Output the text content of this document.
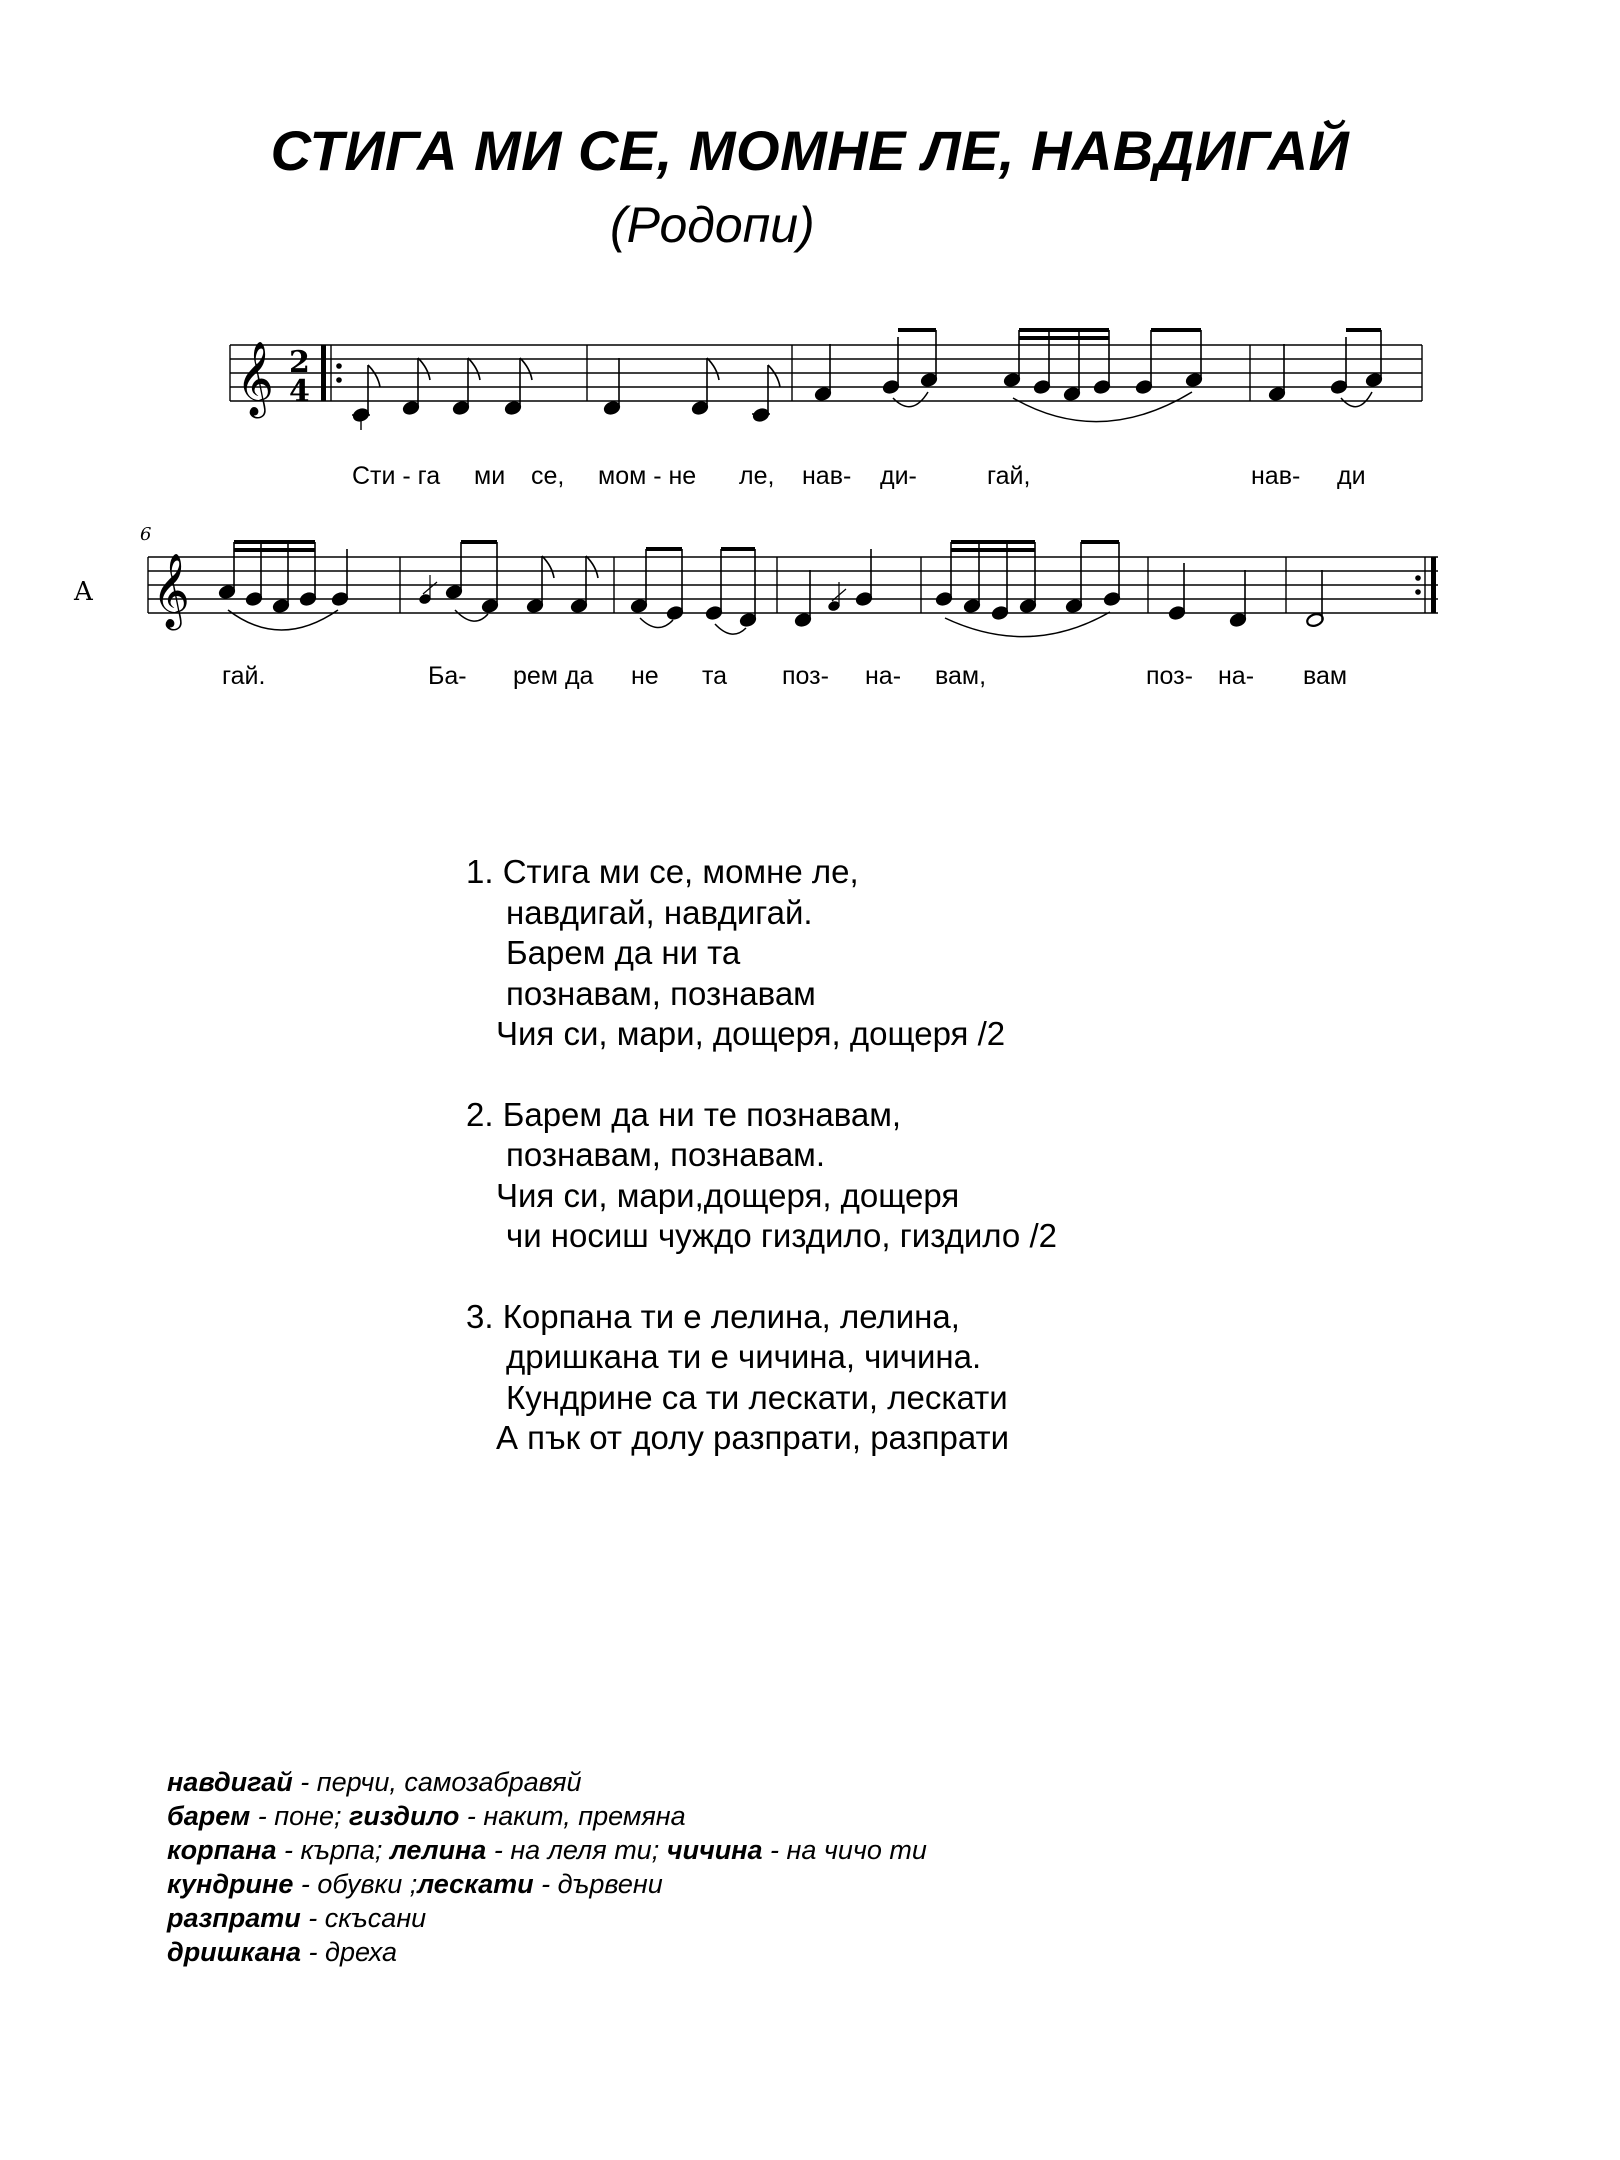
СТИГА МИ СЕ, МОМНЕ ЛЕ, НАВДИГАЙ
(Родопи)
𝄞
𝄞
2
4
6
A
Сти - га ми се, мом - не ле, нав- ди-	гай,	нав- ди
гай.	Ба- рем да не та поз- на- вам,	поз- на- вам
1. Стига ми се, момне ле,
навдигай, навдигай.
Барем да ни та
познавам, познавам
Чия си, мари, дощеря, дощеря /2
2. Барем да ни те познавам,
познавам, познавам.
Чия си, мари,дощеря, дощеря
чи носиш чуждо гиздило, гиздило /2
3. Корпана ти е лелина, лелина,
дришкана ти е чичина, чичина.
Кундрине са ти лескати, лескати
А пък от долу разпрати, разпрати
навдигай - перчи, самозабравяй
барем - поне; гиздило - накит, премяна
корпана - кърпа; лелина - на леля ти; чичина - на чичо ти
кундрине - обувки ;лескати - дървени
разпрати - скъсани
дришкана - дреха
